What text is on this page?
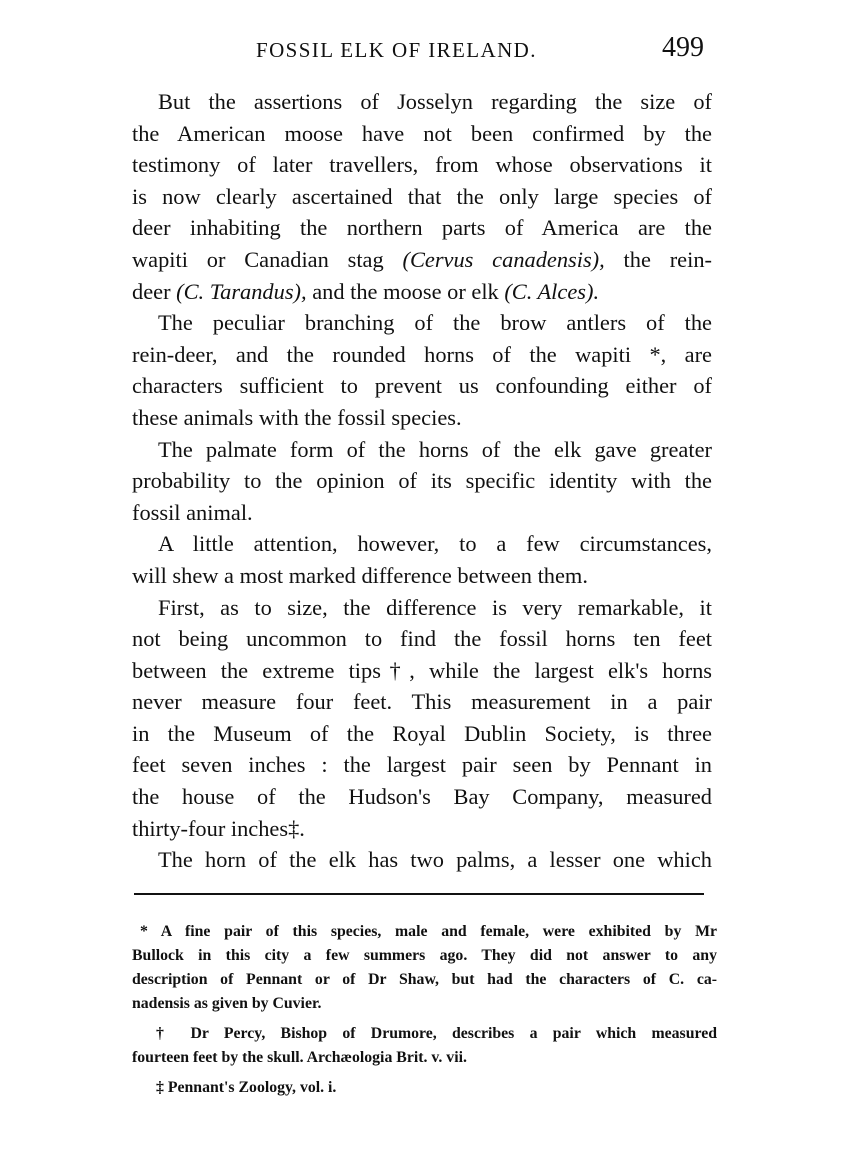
FOSSIL ELK OF IRELAND.	499
But the assertions of Josselyn regarding the size of
the American moose have not been confirmed by the
testimony of later travellers, from whose observations it
is now clearly ascertained that the only large species of
deer inhabiting the northern parts of America are the
wapiti or Canadian stag (Cervus canadensis), the rein-
deer (C. Tarandus), and the moose or elk (C. Alces).
The peculiar branching of the brow antlers of the
rein-deer, and the rounded horns of the wapiti *, are
characters sufficient to prevent us confounding either of
these animals with the fossil species.
The palmate form of the horns of the elk gave greater
probability to the opinion of its specific identity with the
fossil animal.
A little attention, however, to a few circumstances,
will shew a most marked difference between them.
First, as to size, the difference is very remarkable, it
not being uncommon to find the fossil horns ten feet
between the extreme tips†, while the largest elk's horns
never measure four feet. This measurement in a pair
in the Museum of the Royal Dublin Society, is three
feet seven inches : the largest pair seen by Pennant in
the house of the Hudson's Bay Company, measured
thirty-four inches‡.
The horn of the elk has two palms, a lesser one which
* A fine pair of this species, male and female, were exhibited by Mr
Bullock in this city a few summers ago. They did not answer to any
description of Pennant or of Dr Shaw, but had the characters of C. ca-
nadensis as given by Cuvier.
† Dr Percy, Bishop of Drumore, describes a pair which measured
fourteen feet by the skull. Archæologia Brit. v. vii.
‡ Pennant's Zoology, vol. i.
